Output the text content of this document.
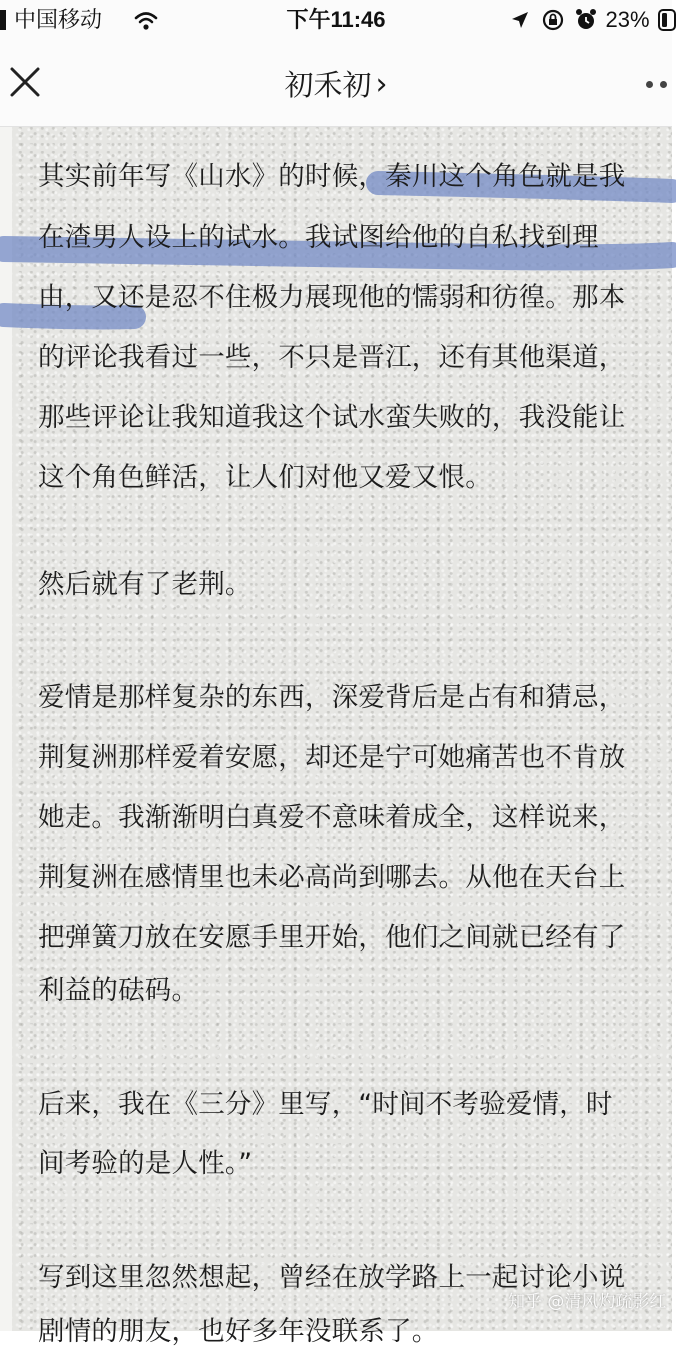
中国移动	下午11:46	23%
初禾初 ›
其实前年写《山水》的时候，秦川这个角色就是我
在渣男人设上的试水。我试图给他的自私找到理
由，又还是忍不住极力展现他的懦弱和彷徨。那本
的评论我看过一些，不只是晋江，还有其他渠道，
那些评论让我知道我这个试水蛮失败的，我没能让
这个角色鲜活，让人们对他又爱又恨。
然后就有了老荆。
爱情是那样复杂的东西，深爱背后是占有和猜忌，
荆复洲那样爱着安愿，却还是宁可她痛苦也不肯放
她走。我渐渐明白真爱不意味着成全，这样说来，
荆复洲在感情里也未必高尚到哪去。从他在天台上
把弹簧刀放在安愿手里开始，他们之间就已经有了
利益的砝码。
后来，我在《三分》里写，“时间不考验爱情，时
间考验的是人性。”
写到这里忽然想起，曾经在放学路上一起讨论小说
剧情的朋友，也好多年没联系了。
知乎 @清风灼疏影红
